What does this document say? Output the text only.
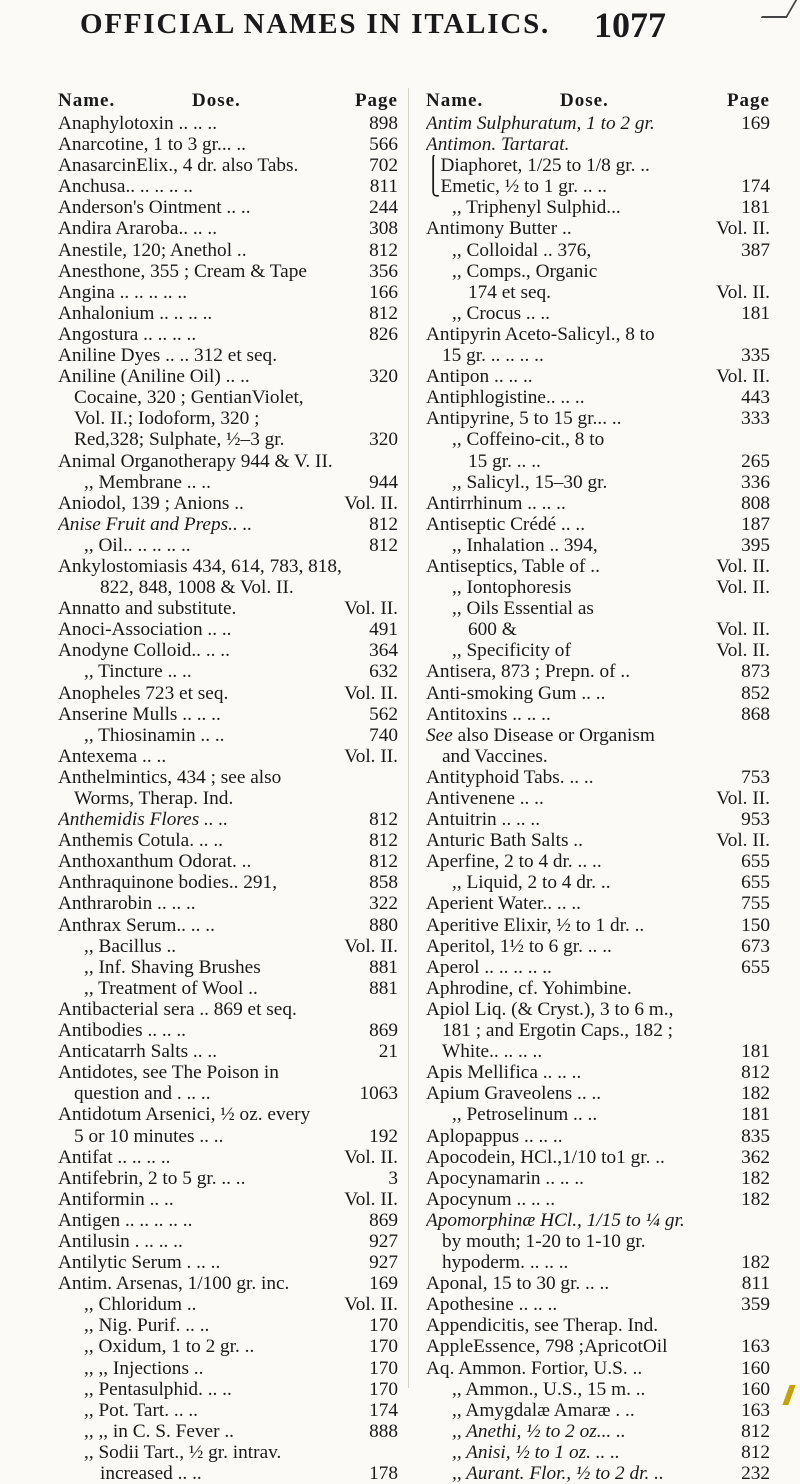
OFFICIAL NAMES IN ITALICS. 1077
Name.	Dose.	Page
Anaphylotoxin .. .. ..	898
Anarcotine, 1 to 3 gr... ..	566
AnasarcinElix., 4 dr. also Tabs.	702
Anchusa.. .. .. .. ..	811
Anderson's Ointment .. ..	244
Andira Araroba.. .. ..	308
Anestile, 120; Anethol ..	812
Anesthone, 355 ; Cream & Tape	356
Angina .. .. .. .. ..	166
Anhalonium .. .. .. ..	812
Angostura .. .. .. ..	826
Aniline Dyes .. .. 312 et seq.
Aniline (Aniline Oil) .. ..	320
Cocaine, 320 ; GentianViolet,
Vol. II.; Iodoform, 320 ;
Red,328; Sulphate, ½–3 gr.	320
Animal Organotherapy 944 & V. II.
,, Membrane .. ..	944
Aniodol, 139 ; Anions ..	Vol. II.
Anise Fruit and Preps.. ..	812
,, Oil.. .. .. .. ..	812
Ankylostomiasis 434, 614, 783, 818,
822, 848, 1008 & Vol. II.
Annatto and substitute.	Vol. II.
Anoci-Association .. ..	491
Anodyne Colloid.. .. ..	364
,, Tincture .. ..	632
Anopheles 723 et seq.	Vol. II.
Anserine Mulls .. .. ..	562
,, Thiosinamin .. ..	740
Antexema .. ..	Vol. II.
Anthelmintics, 434 ; see also
Worms, Therap. Ind.
Anthemidis Flores .. ..	812
Anthemis Cotula. .. ..	812
Anthoxanthum Odorat. ..	812
Anthraquinone bodies.. 291,	858
Anthrarobin .. .. ..	322
Anthrax Serum.. .. ..	880
,, Bacillus ..	Vol. II.
,, Inf. Shaving Brushes	881
,, Treatment of Wool ..	881
Antibacterial sera .. 869 et seq.
Antibodies .. .. ..	869
Anticatarrh Salts .. ..	21
Antidotes, see The Poison in
question and . .. ..	1063
Antidotum Arsenici, ½ oz. every
5 or 10 minutes .. ..	192
Antifat .. .. .. ..	Vol. II.
Antifebrin, 2 to 5 gr. .. ..	3
Antiformin .. ..	Vol. II.
Antigen .. .. .. .. ..	869
Antilusin . .. .. ..	927
Antilytic Serum . .. ..	927
Antim. Arsenas, 1/100 gr. inc.	169
,, Chloridum ..	Vol. II.
,, Nig. Purif. .. ..	170
,, Oxidum, 1 to 2 gr. ..	170
,, ,, Injections ..	170
,, Pentasulphid. .. ..	170
,, Pot. Tart. .. ..	174
,, ,, in C. S. Fever ..	888
,, Sodii Tart., ½ gr. intrav.
increased .. ..	178
Name.	Dose.	Page
Antim Sulphuratum, 1 to 2 gr.	169
Antimon. Tartarat.
⎧Diaphoret, 1/25 to 1/8 gr. ..
⎩Emetic, ½ to 1 gr. .. ..	174
,, Triphenyl Sulphid...	181
Antimony Butter ..	Vol. II.
,, Colloidal .. 376,	387
,, Comps., Organic
174 et seq.	Vol. II.
,, Crocus .. ..	181
Antipyrin Aceto-Salicyl., 8 to
15 gr. .. .. .. ..	335
Antipon .. .. ..	Vol. II.
Antiphlogistine.. .. ..	443
Antipyrine, 5 to 15 gr... ..	333
,, Coffeino-cit., 8 to
15 gr. .. ..	265
,, Salicyl., 15–30 gr.	336
Antirrhinum .. .. ..	808
Antiseptic Crédé .. ..	187
,, Inhalation .. 394,	395
Antiseptics, Table of ..	Vol. II.
,, Iontophoresis	Vol. II.
,, Oils Essential as
600 &	Vol. II.
,, Specificity of	Vol. II.
Antisera, 873 ; Prepn. of ..	873
Anti-smoking Gum .. ..	852
Antitoxins .. .. ..	868
See also Disease or Organism
and Vaccines.
Antityphoid Tabs. .. ..	753
Antivenene .. ..	Vol. II.
Antuitrin .. .. ..	953
Anturic Bath Salts ..	Vol. II.
Aperfine, 2 to 4 dr. .. ..	655
,, Liquid, 2 to 4 dr. ..	655
Aperient Water.. .. ..	755
Aperitive Elixir, ½ to 1 dr. ..	150
Aperitol, 1½ to 6 gr. .. ..	673
Aperol .. .. .. .. ..	655
Aphrodine, cf. Yohimbine.
Apiol Liq. (& Cryst.), 3 to 6 m.,
181 ; and Ergotin Caps., 182 ;
White.. .. .. ..	181
Apis Mellifica .. .. ..	812
Apium Graveolens .. ..	182
,, Petroselinum .. ..	181
Aplopappus .. .. ..	835
Apocodein, HCl.,1/10 to1 gr. ..	362
Apocynamarin .. .. ..	182
Apocynum .. .. ..	182
Apomorphinæ HCl., 1/15 to ¼ gr.
by mouth; 1-20 to 1-10 gr.
hypoderm. .. .. ..	182
Aponal, 15 to 30 gr. .. ..	811
Apothesine .. .. ..	359
Appendicitis, see Therap. Ind.
AppleEssence, 798 ;ApricotOil	163
Aq. Ammon. Fortior, U.S. ..	160
,, Ammon., U.S., 15 m. ..	160
,, Amygdalæ Amaræ . ..	163
,, Anethi, ½ to 2 oz... ..	812
,, Anisi, ½ to 1 oz. .. ..	812
,, Aurant. Flor., ½ to 2 dr. ..	232
